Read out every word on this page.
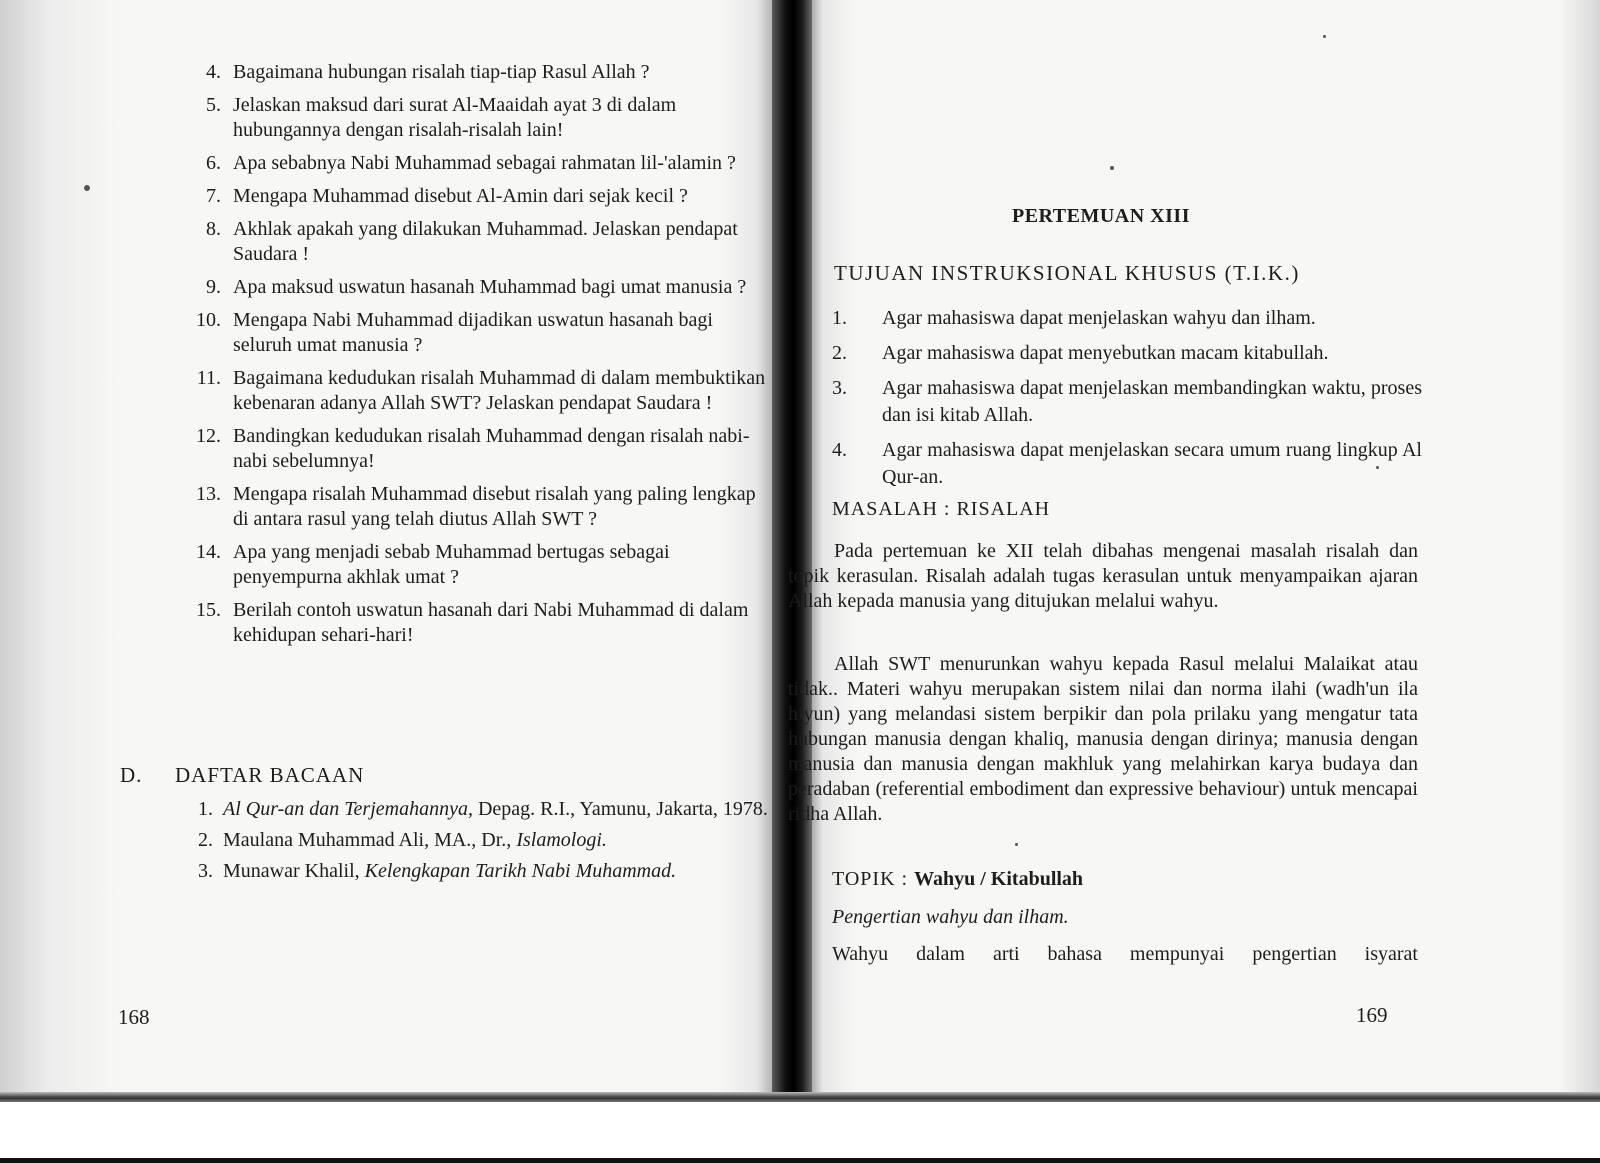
4. Bagaimana hubungan risalah tiap-tiap Rasul Allah ?
5. Jelaskan maksud dari surat Al-Maaidah ayat 3 di dalam hubungannya dengan risalah-risalah lain!
6. Apa sebabnya Nabi Muhammad sebagai rahmatan lil-'alamin ?
7. Mengapa Muhammad disebut Al-Amin dari sejak kecil ?
8. Akhlak apakah yang dilakukan Muhammad. Jelaskan pendapat Saudara !
9. Apa maksud uswatun hasanah Muhammad bagi umat manusia ?
10. Mengapa Nabi Muhammad dijadikan uswatun hasanah bagi seluruh umat manusia ?
11. Bagaimana kedudukan risalah Muhammad di dalam membuktikan kebenaran adanya Allah SWT? Jelaskan pendapat Saudara !
12. Bandingkan kedudukan risalah Muhammad dengan risalah nabi-nabi sebelumnya!
13. Mengapa risalah Muhammad disebut risalah yang paling lengkap di antara rasul yang telah diutus Allah SWT ?
14. Apa yang menjadi sebab Muhammad bertugas sebagai penyempurna akhlak umat ?
15. Berilah contoh uswatun hasanah dari Nabi Muhammad di dalam kehidupan sehari-hari!
D. DAFTAR BACAAN
1. Al Qur-an dan Terjemahannya, Depag. R.I., Yamunu, Jakarta, 1978.
2. Maulana Muhammad Ali, MA., Dr., Islamologi.
3. Munawar Khalil, Kelengkapan Tarikh Nabi Muhammad.
168
PERTEMUAN XIII
TUJUAN INSTRUKSIONAL KHUSUS (T.I.K.)
1. Agar mahasiswa dapat menjelaskan wahyu dan ilham.
2. Agar mahasiswa dapat menyebutkan macam kitabullah.
3. Agar mahasiswa dapat menjelaskan membandingkan waktu, proses dan isi kitab Allah.
4. Agar mahasiswa dapat menjelaskan secara umum ruang lingkup Al Qur-an.
MASALAH : RISALAH

Pada pertemuan ke XII telah dibahas mengenai masalah risalah dan topik kerasulan. Risalah adalah tugas kerasulan untuk menyampaikan ajaran Allah kepada manusia yang ditujukan melalui wahyu.

Allah SWT menurunkan wahyu kepada Rasul melalui Malaikat atau tidak.. Materi wahyu merupakan sistem nilai dan norma ilahi (wadh'un ila hiyun) yang melandasi sistem berpikir dan pola prilaku yang mengatur tata hubungan manusia dengan khaliq, manusia dengan dirinya; manusia dengan manusia dan manusia dengan makhluk yang melahirkan karya budaya dan peradaban (referential embodiment dan expressive behaviour) untuk mencapai ridha Allah.

TOPIK : Wahyu / Kitabullah
Pengertian wahyu dan ilham.
Wahyu dalam arti bahasa mempunyai pengertian isyarat
169
